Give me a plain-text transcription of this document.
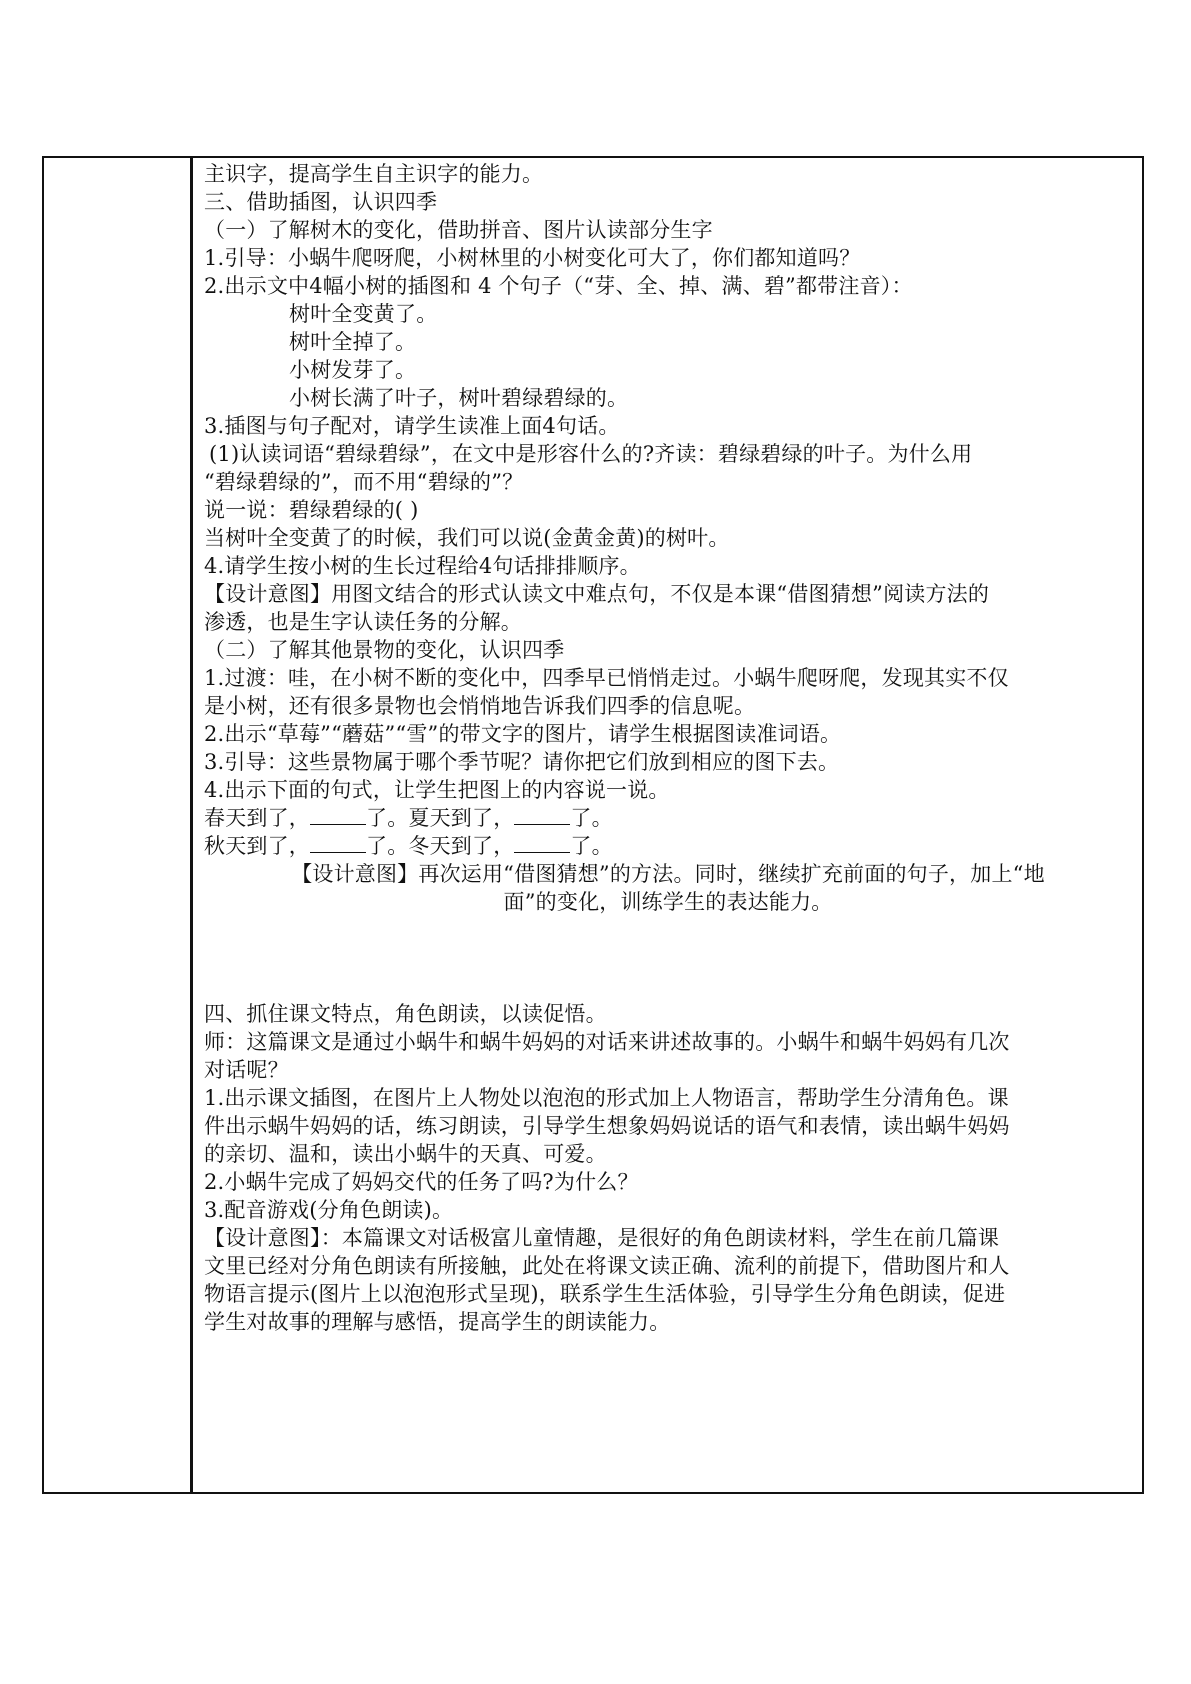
主识字，提高学生自主识字的能力。
三、借助插图，认识四季
（一）了解树木的变化，借助拼音、图片认读部分生字
1.引导：小蜗牛爬呀爬，小树林里的小树变化可大了，你们都知道吗？
2.出示文中4幅小树的插图和 4 个句子（“芽、全、掉、满、碧”都带注音）：
树叶全变黄了。
树叶全掉了。
小树发芽了。
小树长满了叶子，树叶碧绿碧绿的。
3.插图与句子配对，请学生读准上面4句话。
(1)认读词语“碧绿碧绿”，在文中是形容什么的?齐读：碧绿碧绿的叶子。为什么用
“碧绿碧绿的”，而不用“碧绿的”？
说一说：碧绿碧绿的( )
当树叶全变黄了的时候，我们可以说(金黄金黄)的树叶。
4.请学生按小树的生长过程给4句话排排顺序。
【设计意图】用图文结合的形式认读文中难点句，不仅是本课“借图猜想”阅读方法的
渗透，也是生字认读任务的分解。
（二）了解其他景物的变化，认识四季
1.过渡：哇，在小树不断的变化中，四季早已悄悄走过。小蜗牛爬呀爬，发现其实不仅
是小树，还有很多景物也会悄悄地告诉我们四季的信息呢。
2.出示“草莓”“蘑菇”“雪”的带文字的图片，请学生根据图读准词语。
3.引导：这些景物属于哪个季节呢？请你把它们放到相应的图下去。
4.出示下面的句式，让学生把图上的内容说一说。
春天到了，	了。夏天到了，	了。
秋天到了，	了。冬天到了，	了。
【设计意图】再次运用“借图猜想”的方法。同时，继续扩充前面的句子，加上“地
面”的变化，训练学生的表达能力。
四、抓住课文特点，角色朗读，以读促悟。
师：这篇课文是通过小蜗牛和蜗牛妈妈的对话来讲述故事的。小蜗牛和蜗牛妈妈有几次
对话呢？
1.出示课文插图，在图片上人物处以泡泡的形式加上人物语言，帮助学生分清角色。课
件出示蜗牛妈妈的话，练习朗读，引导学生想象妈妈说话的语气和表情，读出蜗牛妈妈
的亲切、温和，读出小蜗牛的天真、可爱。
2.小蜗牛完成了妈妈交代的任务了吗?为什么？
3.配音游戏(分角色朗读)。
【设计意图】：本篇课文对话极富儿童情趣，是很好的角色朗读材料，学生在前几篇课
文里已经对分角色朗读有所接触，此处在将课文读正确、流利的前提下，借助图片和人
物语言提示(图片上以泡泡形式呈现)，联系学生生活体验，引导学生分角色朗读，促进
学生对故事的理解与感悟，提高学生的朗读能力。
